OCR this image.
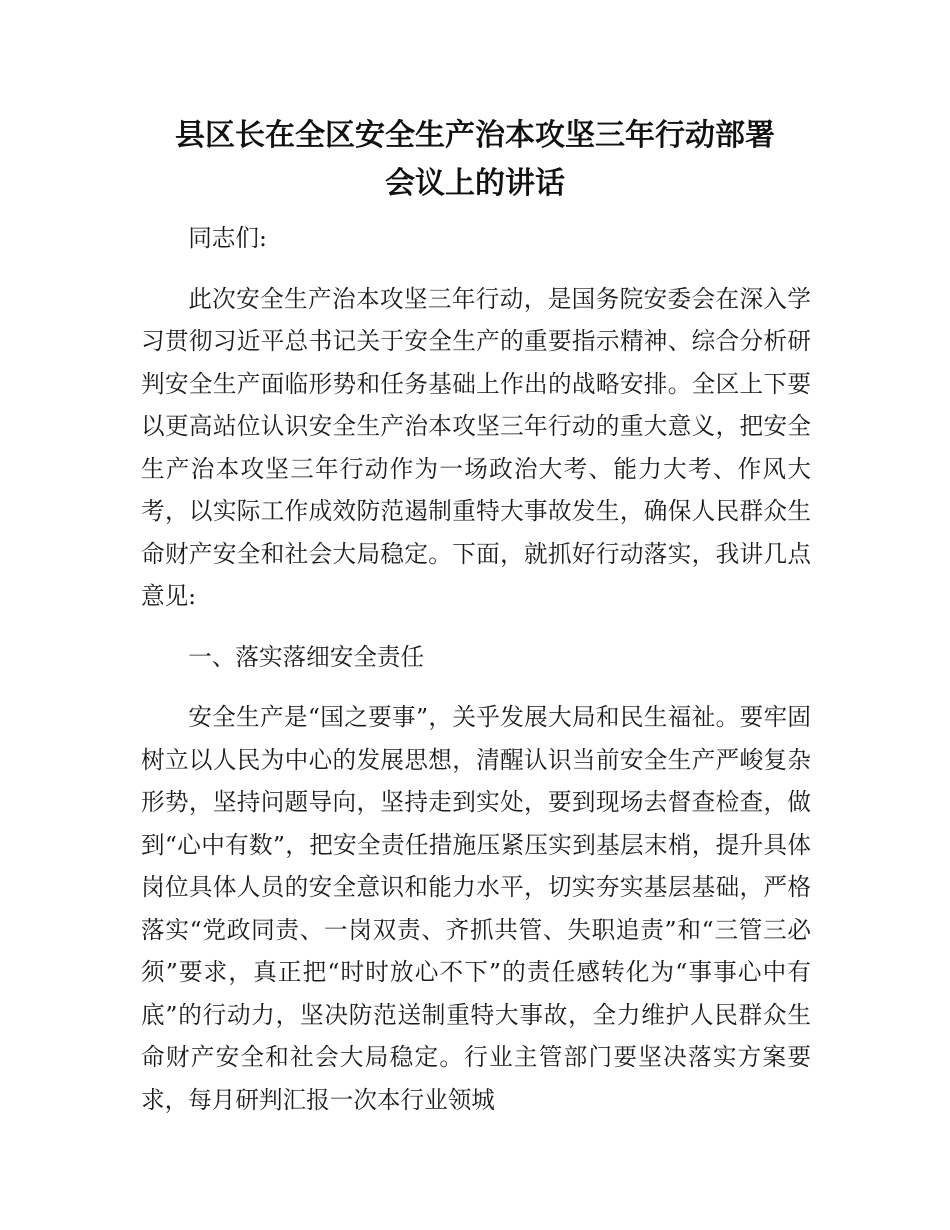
县区长在全区安全生产治本攻坚三年行动部署
会议上的讲话

同志们:

此次安全生产治本攻坚三年行动，是国务院安委会在深入学习贯彻习近平总书记关于安全生产的重要指示精神、综合分析研判安全生产面临形势和任务基础上作出的战略安排。全区上下要以更高站位认识安全生产治本攻坚三年行动的重大意义，把安全生产治本攻坚三年行动作为一场政治大考、能力大考、作风大考，以实际工作成效防范遏制重特大事故发生，确保人民群众生命财产安全和社会大局稳定。下面，就抓好行动落实，我讲几点意见:

一、落实落细安全责任

安全生产是“国之要事”，关乎发展大局和民生福祉。要牢固树立以人民为中心的发展思想，清醒认识当前安全生产严峻复杂形势，坚持问题导向，坚持走到实处，要到现场去督查检查，做到“心中有数”，把安全责任措施压紧压实到基层末梢，提升具体岗位具体人员的安全意识和能力水平，切实夯实基层基础，严格落实“党政同责、一岗双责、齐抓共管、失职追责”和“三管三必须”要求，真正把“时时放心不下”的责任感转化为“事事心中有底”的行动力，坚决防范送制重特大事故，全力维护人民群众生命财产安全和社会大局稳定。行业主管部门要坚决落实方案要求，每月研判汇报一次本行业领城
